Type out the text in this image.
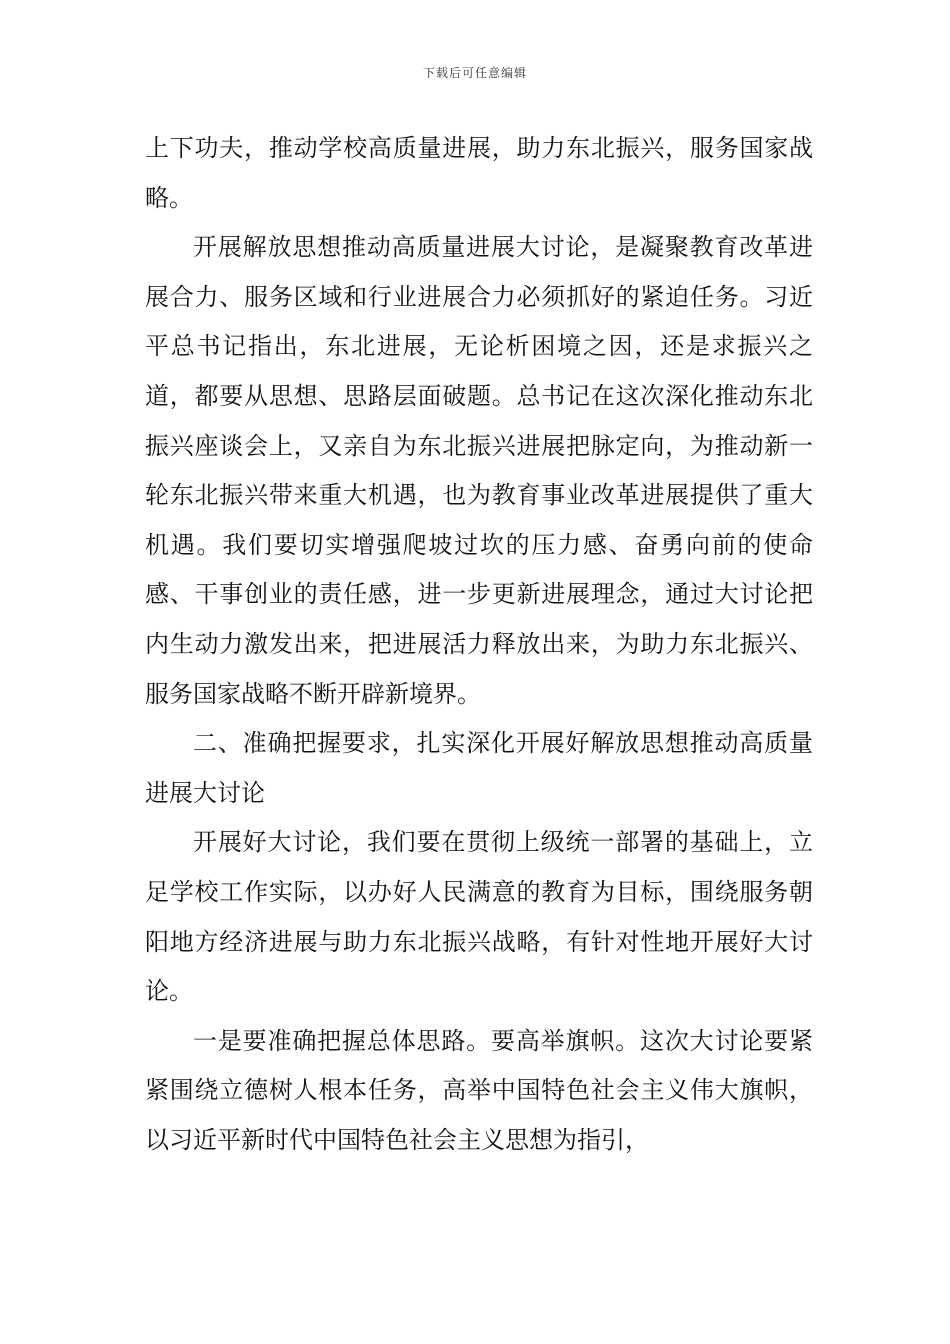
下载后可任意编辑

上下功夫，推动学校高质量进展，助力东北振兴，服务国家战略。

开展解放思想推动高质量进展大讨论，是凝聚教育改革进展合力、服务区域和行业进展合力必须抓好的紧迫任务。习近平总书记指出，东北进展，无论析困境之因，还是求振兴之道，都要从思想、思路层面破题。总书记在这次深化推动东北振兴座谈会上，又亲自为东北振兴进展把脉定向，为推动新一轮东北振兴带来重大机遇，也为教育事业改革进展提供了重大机遇。我们要切实增强爬坡过坎的压力感、奋勇向前的使命感、干事创业的责任感，进一步更新进展理念，通过大讨论把内生动力激发出来，把进展活力释放出来，为助力东北振兴、服务国家战略不断开辟新境界。

二、准确把握要求，扎实深化开展好解放思想推动高质量进展大讨论

开展好大讨论，我们要在贯彻上级统一部署的基础上，立足学校工作实际，以办好人民满意的教育为目标，围绕服务朝阳地方经济进展与助力东北振兴战略，有针对性地开展好大讨论。

一是要准确把握总体思路。要高举旗帜。这次大讨论要紧紧围绕立德树人根本任务，高举中国特色社会主义伟大旗帜，以习近平新时代中国特色社会主义思想为指引，
